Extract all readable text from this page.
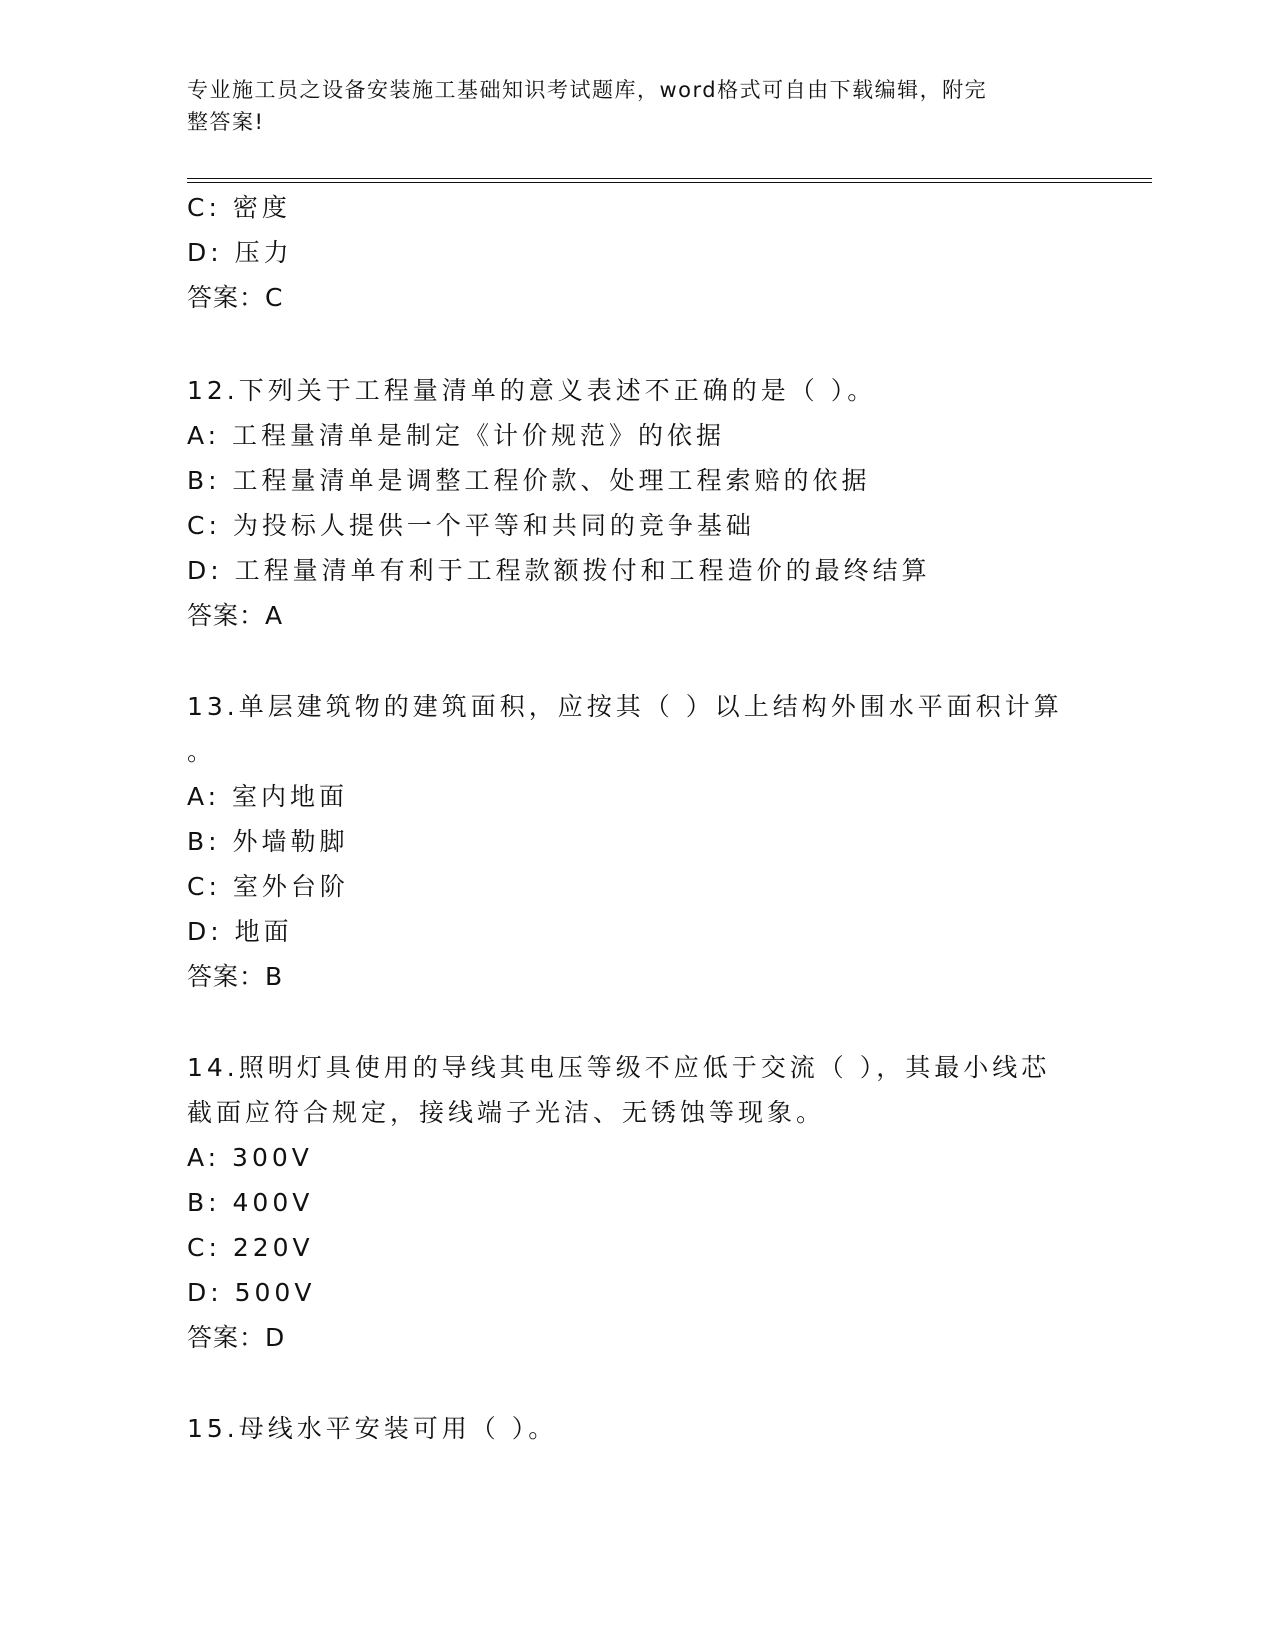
专业施工员之设备安装施工基础知识考试题库，word格式可自由下载编辑，附完
整答案!
C: 密度
D: 压力
答案：C
12.下列关于工程量清单的意义表述不正确的是（ ）。
A: 工程量清单是制定《计价规范》的依据
B: 工程量清单是调整工程价款、处理工程索赔的依据
C: 为投标人提供一个平等和共同的竞争基础
D: 工程量清单有利于工程款额拨付和工程造价的最终结算
答案：A
13.单层建筑物的建筑面积，应按其（ ）以上结构外围水平面积计算
。
A: 室内地面
B: 外墙勒脚
C: 室外台阶
D: 地面
答案：B
14.照明灯具使用的导线其电压等级不应低于交流（ ），其最小线芯
截面应符合规定，接线端子光洁、无锈蚀等现象。
A: 300V
B: 400V
C: 220V
D: 500V
答案：D
15.母线水平安装可用（ ）。
